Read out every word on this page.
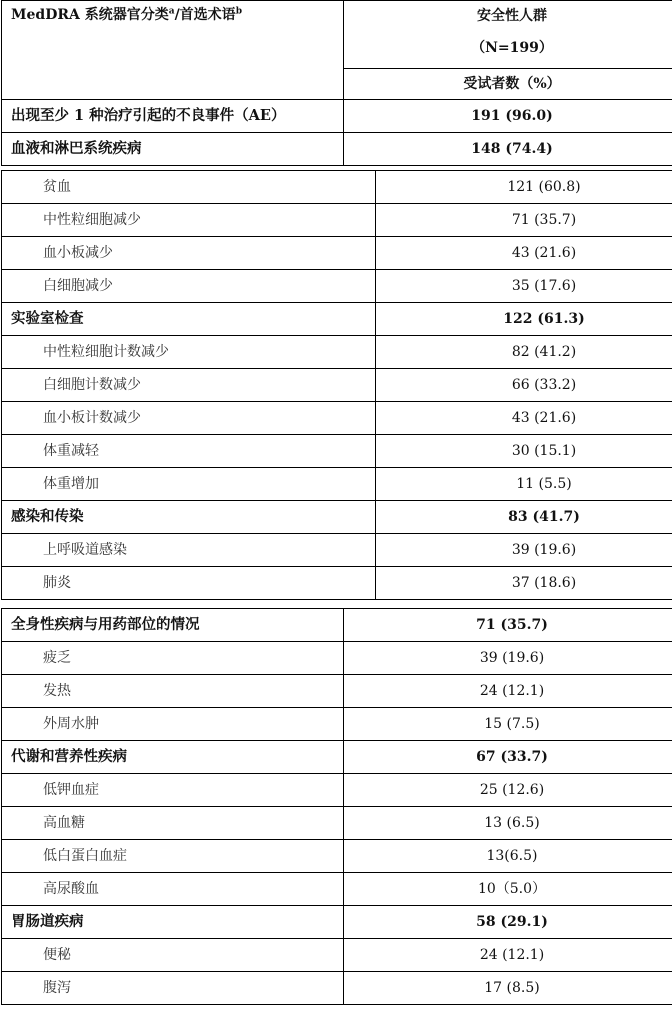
MedDRA 系统器官分类$^a$/首选术语$^b$	安全性人群

	（N=199）

	受试者数（%）
出现至少 1 种治疗引起的不良事件（AE）	191 (96.0)
血液和淋巴系统疾病	148 (74.4)
贫血	121 (60.8)
中性粒细胞减少	71 (35.7)
血小板减少	43 (21.6)
白细胞减少	35 (17.6)
实验室检查	122 (61.3)
中性粒细胞计数减少	82 (41.2)
白细胞计数减少	66 (33.2)
血小板计数减少	43 (21.6)
体重减轻	30 (15.1)
体重增加	11 (5.5)
感染和传染	83 (41.7)
上呼吸道感染	39 (19.6)
肺炎	37 (18.6)
全身性疾病与用药部位的情况	71 (35.7)
疲乏	39 (19.6)
发热	24 (12.1)
外周水肿	15 (7.5)
代谢和营养性疾病	67 (33.7)
低钾血症	25 (12.6)
高血糖	13 (6.5)
低白蛋白血症	13(6.5)
高尿酸血	10（5.0）
胃肠道疾病	58 (29.1)
便秘	24 (12.1)
腹泻	17 (8.5)
